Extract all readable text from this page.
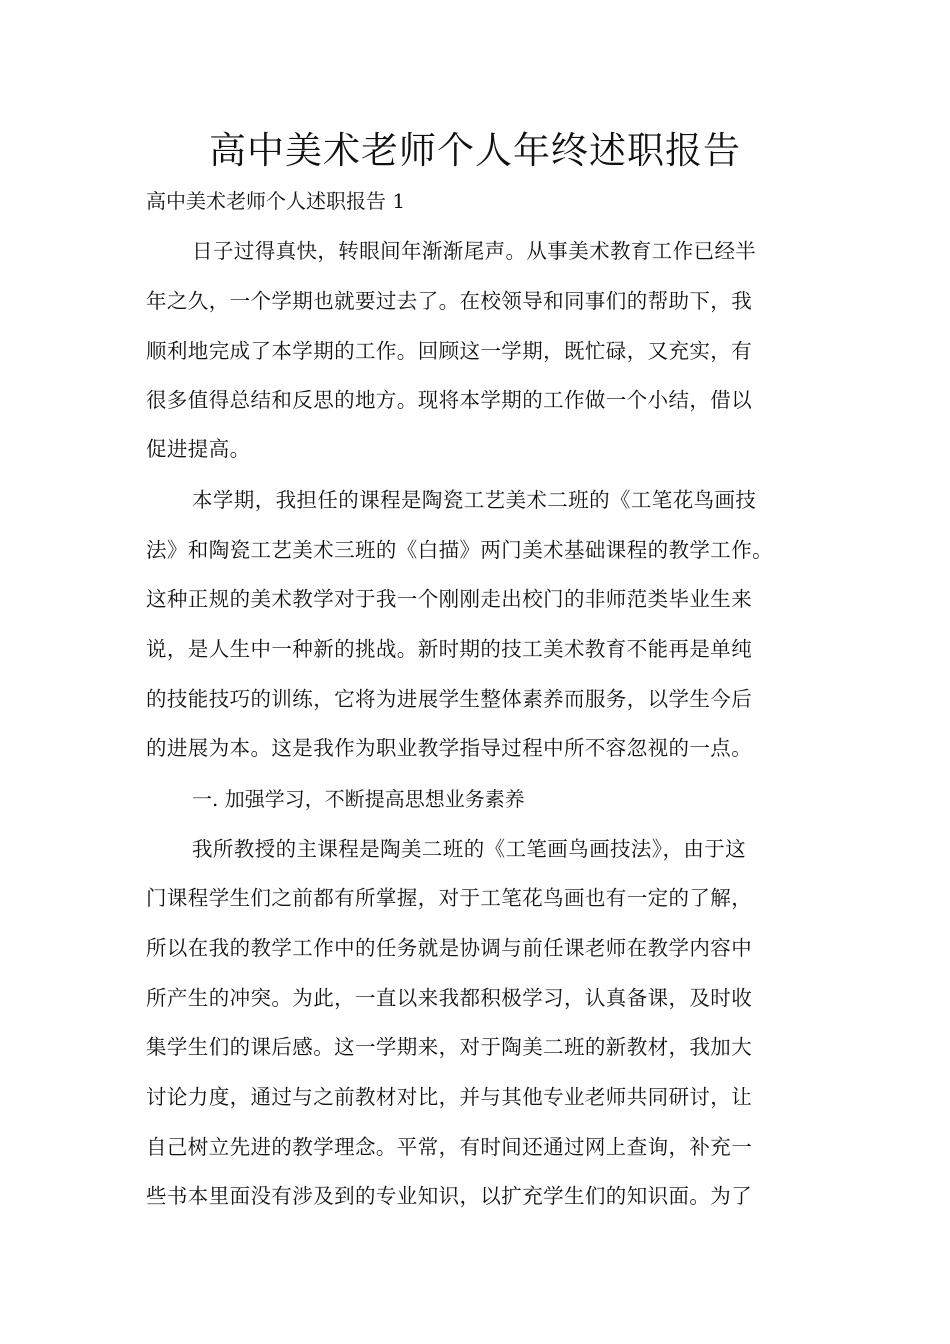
高中美术老师个人年终述职报告
高中美术老师个人述职报告 1
日子过得真快，转眼间年渐渐尾声。从事美术教育工作已经半
年之久，一个学期也就要过去了。在校领导和同事们的帮助下，我
顺利地完成了本学期的工作。回顾这一学期，既忙碌，又充实，有
很多值得总结和反思的地方。现将本学期的工作做一个小结，借以
促进提高。
本学期，我担任的课程是陶瓷工艺美术二班的《工笔花鸟画技
法》和陶瓷工艺美术三班的《白描》两门美术基础课程的教学工作。
这种正规的美术教学对于我一个刚刚走出校门的非师范类毕业生来
说，是人生中一种新的挑战。新时期的技工美术教育不能再是单纯
的技能技巧的训练，它将为进展学生整体素养而服务，以学生今后
的进展为本。这是我作为职业教学指导过程中所不容忽视的一点。
一. 加强学习，不断提高思想业务素养
我所教授的主课程是陶美二班的《工笔画鸟画技法》，由于这
门课程学生们之前都有所掌握，对于工笔花鸟画也有一定的了解，
所以在我的教学工作中的任务就是协调与前任课老师在教学内容中
所产生的冲突。为此，一直以来我都积极学习，认真备课，及时收
集学生们的课后感。这一学期来，对于陶美二班的新教材，我加大
讨论力度，通过与之前教材对比，并与其他专业老师共同研讨，让
自己树立先进的教学理念。平常，有时间还通过网上查询，补充一
些书本里面没有涉及到的专业知识，以扩充学生们的知识面。为了
